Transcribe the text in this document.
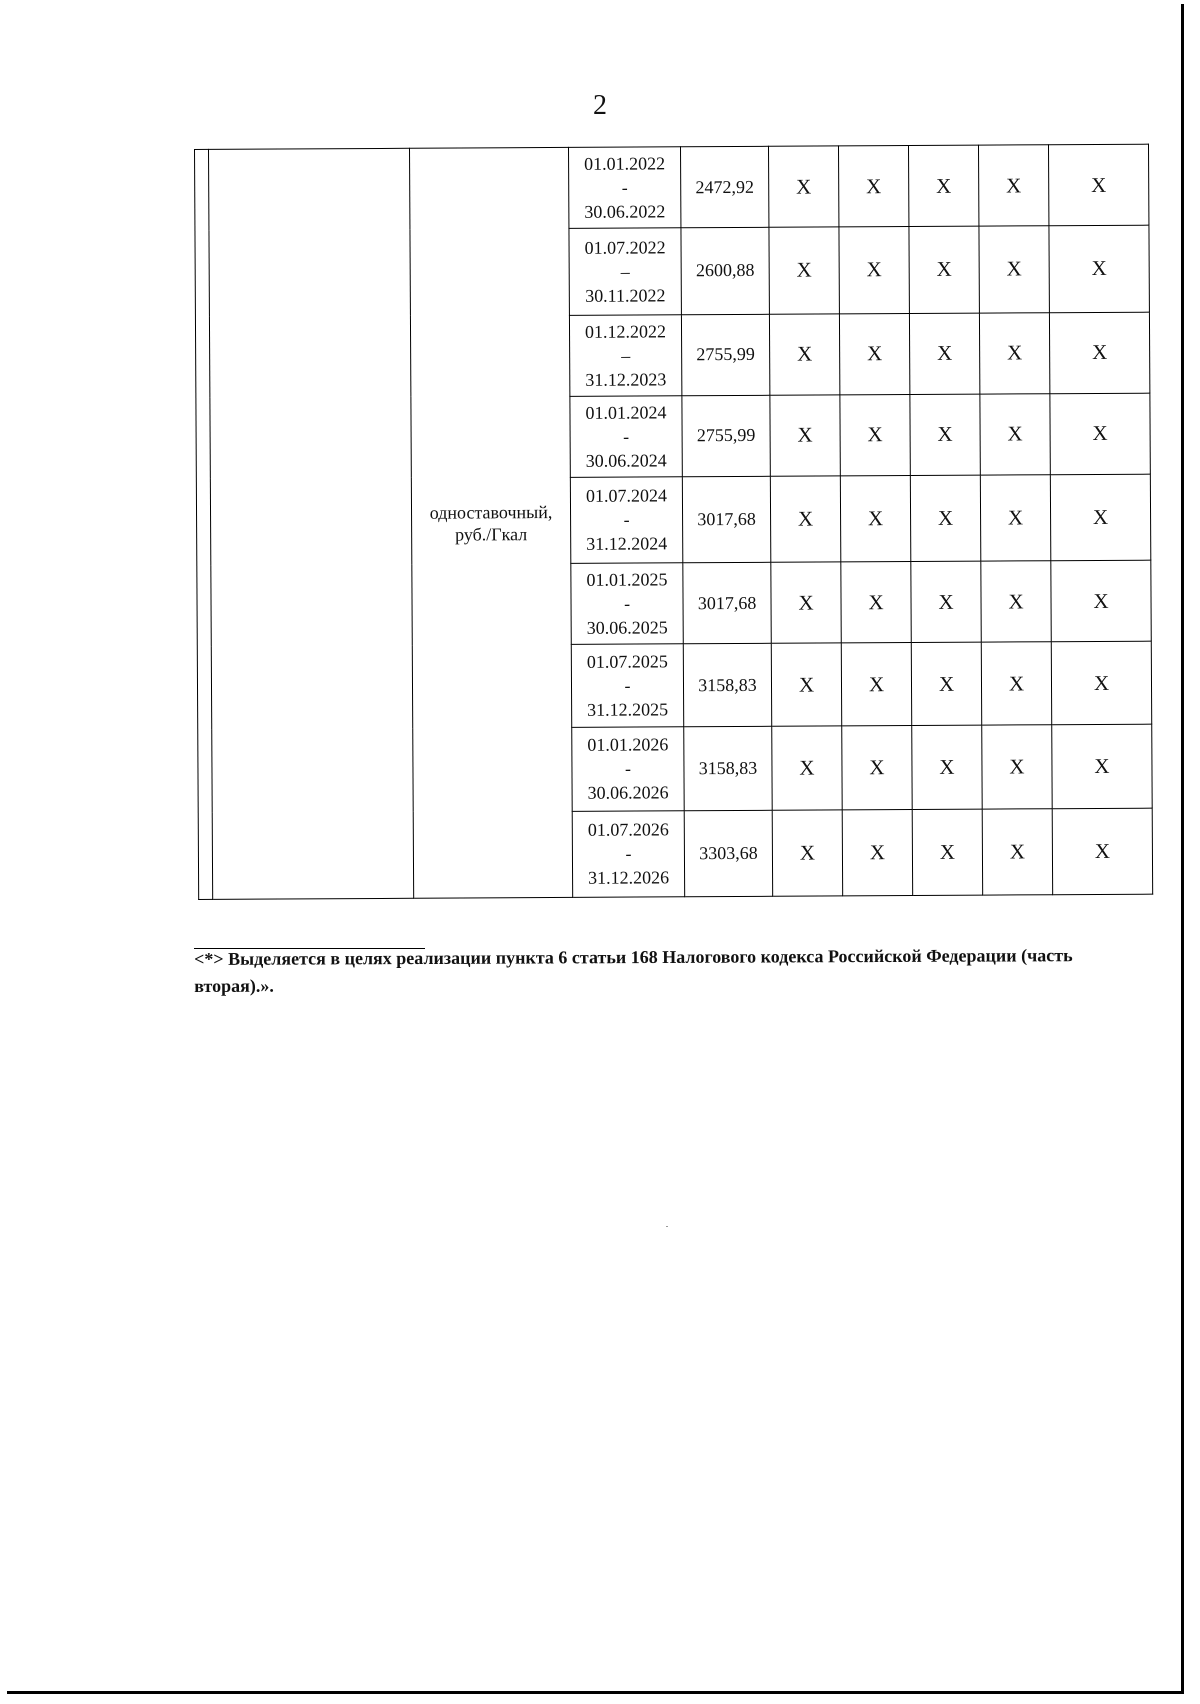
2
		одноставочный, руб./Гкал	01.01.2022
-
30.06.2022	2472,92	X	X	X	X	X

			01.07.2022
–
30.11.2022	2600,88	X	X	X	X	X

			01.12.2022
–
31.12.2023	2755,99	X	X	X	X	X

			01.01.2024
-
30.06.2024	2755,99	X	X	X	X	X

			01.07.2024
-
31.12.2024	3017,68	X	X	X	X	X

			01.01.2025
-
30.06.2025	3017,68	X	X	X	X	X

			01.07.2025
-
31.12.2025	3158,83	X	X	X	X	X

			01.01.2026
-
30.06.2026	3158,83	X	X	X	X	X

			01.07.2026
-
31.12.2026	3303,68	X	X	X	X	X
<*> Выделяется в целях реализации пункта 6 статьи 168 Налогового кодекса Российской Федерации (часть вторая).».
